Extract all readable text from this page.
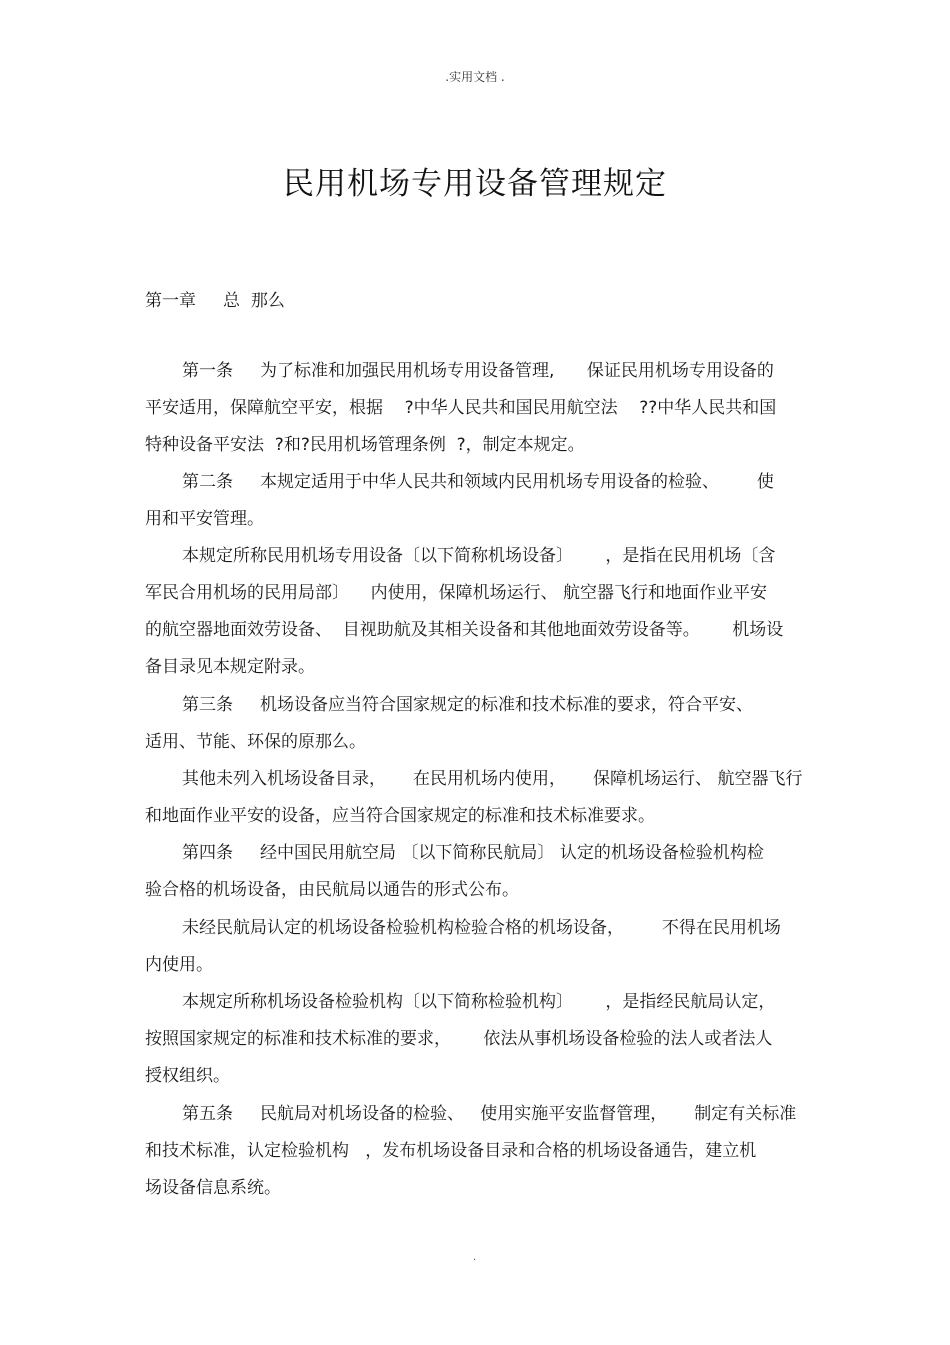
.实用文档 .
民用机场专用设备管理规定
第一章     总  那么
第一条     为了标准和加强民用机场专用设备管理,      保证民用机场专用设备的
平安适用，保障航空平安，根据    ?中华人民共和国民用航空法    ??中华人民共和国
特种设备平安法  ?和?民用机场管理条例  ?，制定本规定。
第二条     本规定适用于中华人民共和领域内民用机场专用设备的检验、       使
用和平安管理。
本规定所称民用机场专用设备〔以下简称机场设备〕      ，是指在民用机场〔含
军民合用机场的民用局部〕    内使用，保障机场运行、 航空器飞行和地面作业平安
的航空器地面效劳设备、  目视助航及其相关设备和其他地面效劳设备等。      机场设
备目录见本规定附录。
第三条     机场设备应当符合国家规定的标准和技术标准的要求，符合平安、
适用、节能、环保的原那么。
其他未列入机场设备目录，     在民用机场内使用，     保障机场运行、 航空器飞行
和地面作业平安的设备，应当符合国家规定的标准和技术标准要求。
第四条     经中国民用航空局 〔以下简称民航局〕 认定的机场设备检验机构检
验合格的机场设备，由民航局以通告的形式公布。
未经民航局认定的机场设备检验机构检验合格的机场设备，       不得在民用机场
内使用。
本规定所称机场设备检验机构〔以下简称检验机构〕      ，是指经民航局认定，
按照国家规定的标准和技术标准的要求，      依法从事机场设备检验的法人或者法人
授权组织。
第五条     民航局对机场设备的检验、   使用实施平安监督管理，     制定有关标准
和技术标准，认定检验机构   ，发布机场设备目录和合格的机场设备通告，建立机
场设备信息系统。
.
